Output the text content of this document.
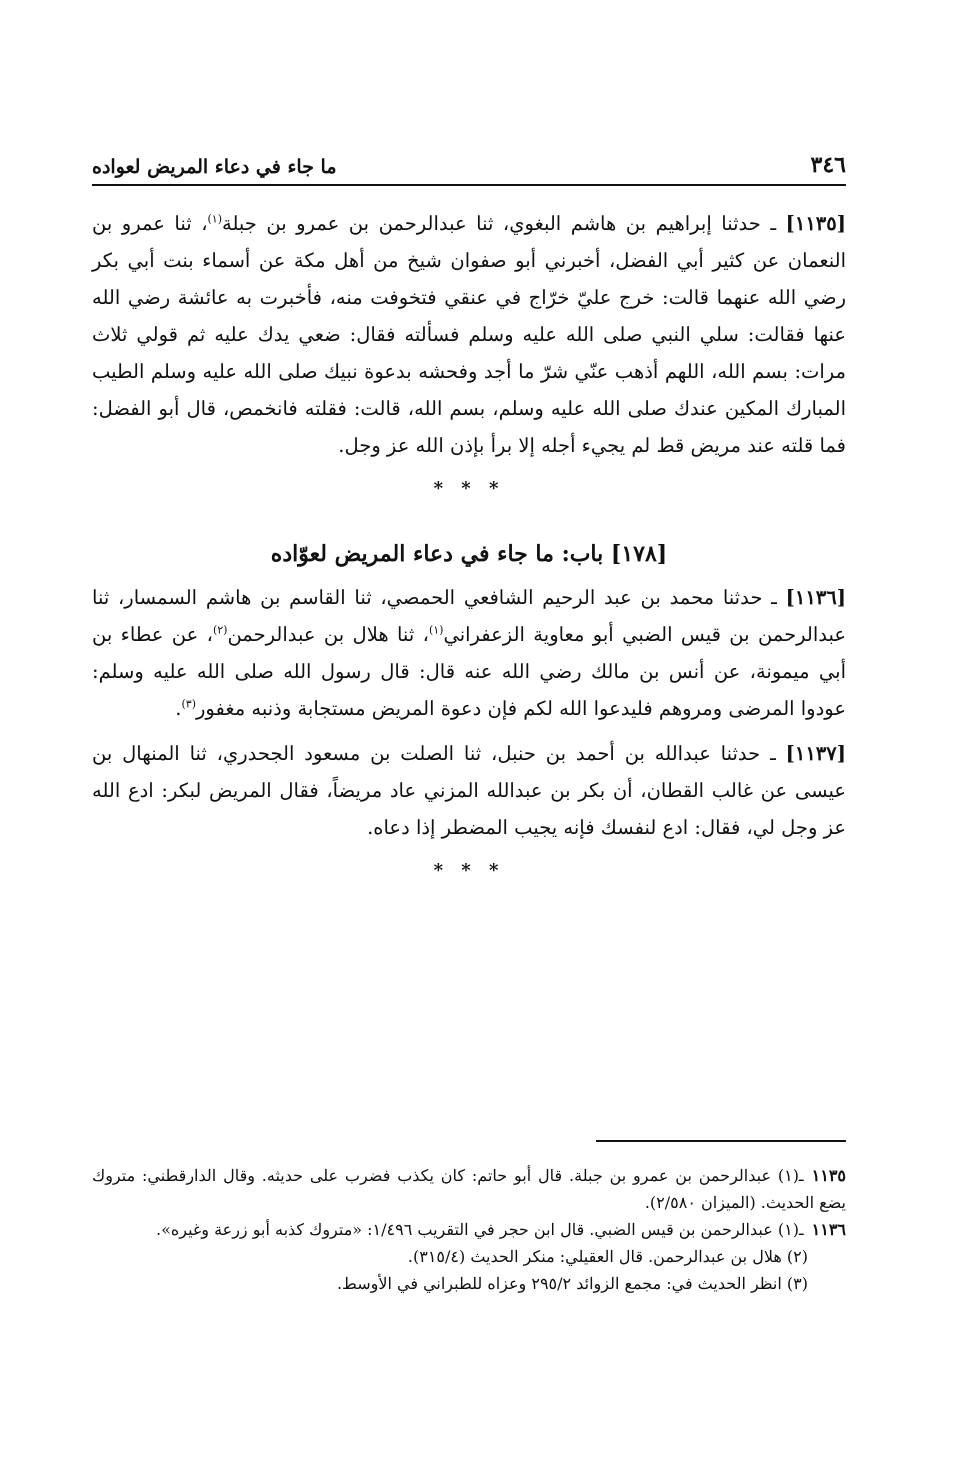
٣٤٦
ما جاء في دعاء المريض لعواده

[١١٣٥] ـ حدثنا إبراهيم بن هاشم البغوي، ثنا عبدالرحمن بن عمرو بن جبلة$^{(١)}$، ثنا عمرو بن النعمان عن كثير أبي الفضل، أخبرني أبو صفوان شيخ من أهل مكة عن أسماء بنت أبي بكر رضي الله عنهما قالت: خرج عليّ خرّاج في عنقي فتخوفت منه، فأخبرت به عائشة رضي الله عنها فقالت: سلي النبي صلى الله عليه وسلم فسألته فقال: ضعي يدك عليه ثم قولي ثلاث مرات: بسم الله، اللهم أذهب عنّي شرّ ما أجد وفحشه بدعوة نبيك صلى الله عليه وسلم الطيب المبارك المكين عندك صلى الله عليه وسلم، بسم الله، قالت: فقلته فانخمص، قال أبو الفضل: فما قلته عند مريض قط لم يجيء أجله إلا برأ بإذن الله عز وجل.

* * *
[١٧٨] باب: ما جاء في دعاء المريض لعوّاده

[١١٣٦] ـ حدثنا محمد بن عبد الرحيم الشافعي الحمصي، ثنا القاسم بن هاشم السمسار، ثنا عبدالرحمن بن قيس الضبي أبو معاوية الزعفراني$^{(١)}$، ثنا هلال بن عبدالرحمن$^{(٢)}$، عن عطاء بن أبي ميمونة، عن أنس بن مالك رضي الله عنه قال: قال رسول الله صلى الله عليه وسلم: عودوا المرضى ومروهم فليدعوا الله لكم فإن دعوة المريض مستجابة وذنبه مغفور$^{(٣)}$.

[١١٣٧] ـ حدثنا عبدالله بن أحمد بن حنبل، ثنا الصلت بن مسعود الجحدري، ثنا المنهال بن عيسى عن غالب القطان، أن بكر بن عبدالله المزني عاد مريضاً، فقال المريض لبكر: ادع الله عز وجل لي، فقال: ادع لنفسك فإنه يجيب المضطر إذا دعاه.

* * *

١١٣٥ـ(١) عبدالرحمن بن عمرو بن جبلة. قال أبو حاتم: كان يكذب فضرب على حديثه. وقال الدارقطني: متروك يضع الحديث. (الميزان ٢/٥٨٠).

١١٣٦ـ(١) عبدالرحمن بن قيس الضبي. قال ابن حجر في التقريب ١/٤٩٦: «متروك كذبه أبو زرعة وغيره».

(٢) هلال بن عبدالرحمن. قال العقيلي: منكر الحديث (٣١٥/٤).

(٣) انظر الحديث في: مجمع الزوائد ٢٩٥/٢ وعزاه للطبراني في الأوسط.
